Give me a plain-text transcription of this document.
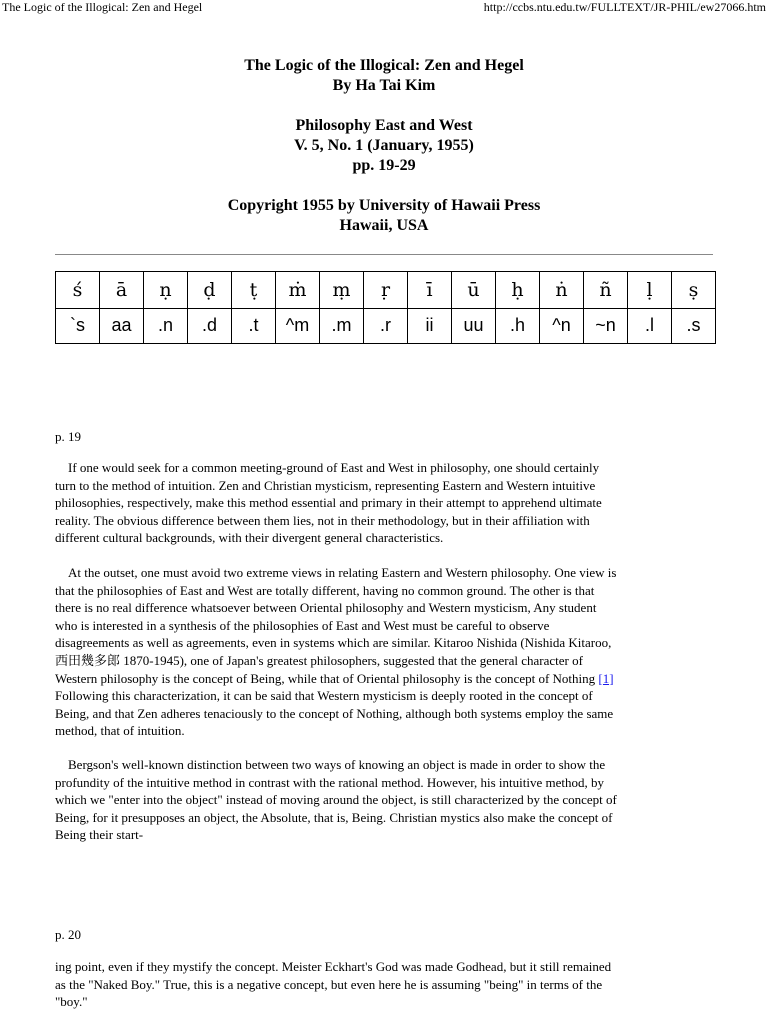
The Logic of the Illogical: Zen and Hegel	http://ccbs.ntu.edu.tw/FULLTEXT/JR-PHIL/ew27066.htm
The Logic of the Illogical: Zen and Hegel
By Ha Tai Kim
Philosophy East and West
V. 5, No. 1 (January, 1955)
pp. 19-29
Copyright 1955 by University of Hawaii Press
Hawaii, USA
ś	ā	ṇ	ḍ	ṭ	ṁ	ṃ	ṛ	ī	ū	ḥ	ṅ	ñ	ḷ	ṣ
`s	aa	.n	.d	.t	^m	.m	.r	ii	uu	.h	^n	~n	.l	.s
p. 19
If one would seek for a common meeting-ground of East and West in philosophy, one should certainly
turn to the method of intuition. Zen and Christian mysticism, representing Eastern and Western intuitive
philosophies, respectively, make this method essential and primary in their attempt to apprehend ultimate
reality. The obvious difference between them lies, not in their methodology, but in their affiliation with
different cultural backgrounds, with their divergent general characteristics.
At the outset, one must avoid two extreme views in relating Eastern and Western philosophy. One view is
that the philosophies of East and West are totally different, having no common ground. The other is that
there is no real difference whatsoever between Oriental philosophy and Western mysticism, Any student
who is interested in a synthesis of the philosophies of East and West must be careful to observe
disagreements as well as agreements, even in systems which are similar. Kitaroo Nishida (Nishida Kitaroo,
西田幾多郎 1870-1945), one of Japan's greatest philosophers, suggested that the general character of
Western philosophy is the concept of Being, while that of Oriental philosophy is the concept of Nothing [1]
Following this characterization, it can be said that Western mysticism is deeply rooted in the concept of
Being, and that Zen adheres tenaciously to the concept of Nothing, although both systems employ the same
method, that of intuition.
Bergson's well-known distinction between two ways of knowing an object is made in order to show the
profundity of the intuitive method in contrast with the rational method. However, his intuitive method, by
which we "enter into the object" instead of moving around the object, is still characterized by the concept of
Being, for it presupposes an object, the Absolute, that is, Being. Christian mystics also make the concept of
Being their start-
p. 20
ing point, even if they mystify the concept. Meister Eckhart's God was made Godhead, but it still remained
as the "Naked Boy." True, this is a negative concept, but even here he is assuming "being" in terms of the
"boy."
